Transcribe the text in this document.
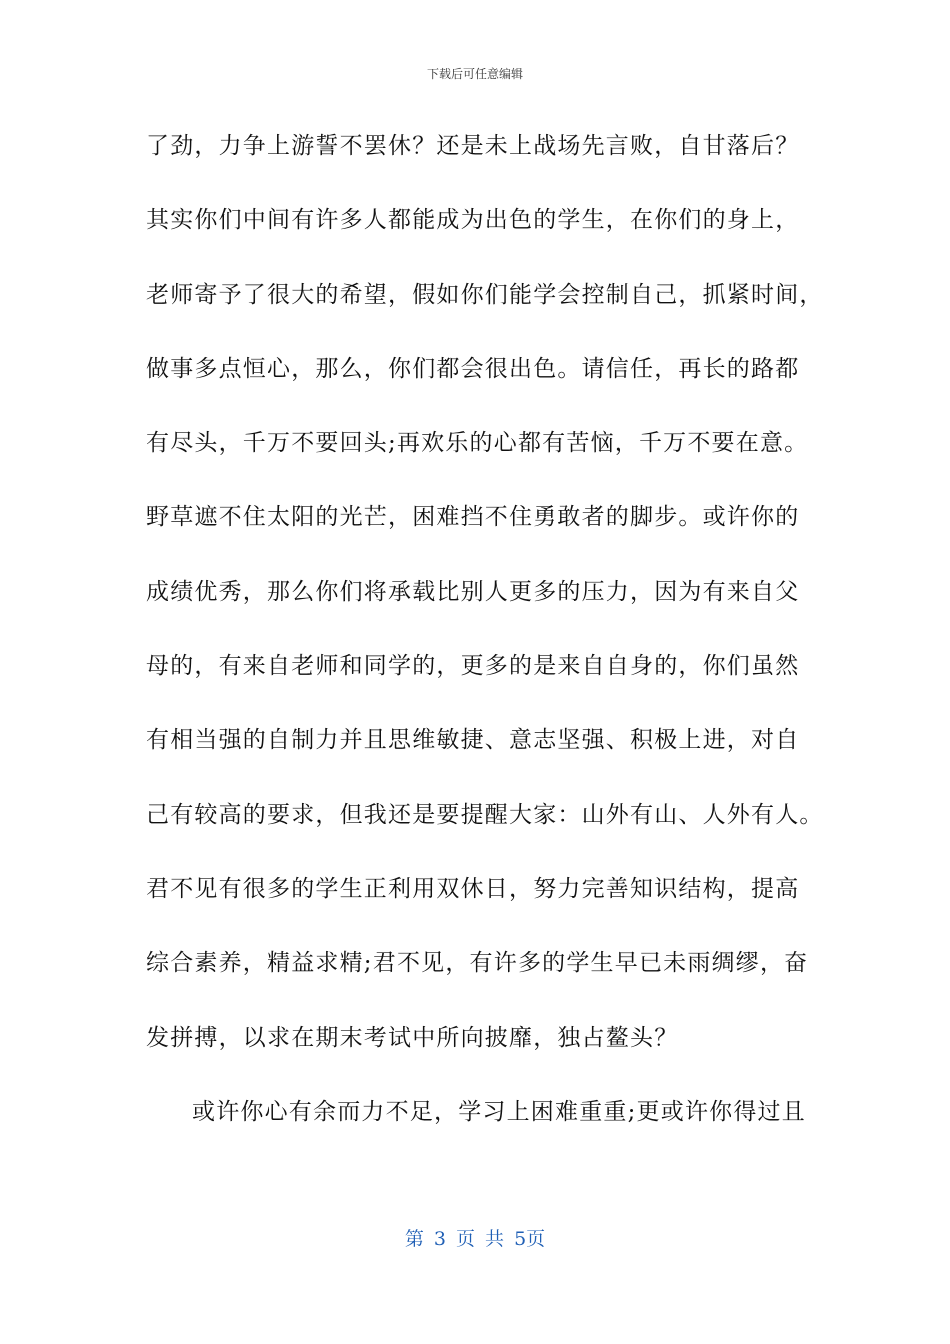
下载后可任意编辑
了劲，力争上游誓不罢休？还是未上战场先言败，自甘落后？
其实你们中间有许多人都能成为出色的学生，在你们的身上，
老师寄予了很大的希望，假如你们能学会控制自己，抓紧时间，
做事多点恒心，那么，你们都会很出色。请信任，再长的路都
有尽头，千万不要回头;再欢乐的心都有苦恼，千万不要在意。
野草遮不住太阳的光芒，困难挡不住勇敢者的脚步。或许你的
成绩优秀，那么你们将承载比别人更多的压力，因为有来自父
母的，有来自老师和同学的，更多的是来自自身的，你们虽然
有相当强的自制力并且思维敏捷、意志坚强、积极上进，对自
己有较高的要求，但我还是要提醒大家：山外有山、人外有人。
君不见有很多的学生正利用双休日，努力完善知识结构，提高
综合素养，精益求精;君不见，有许多的学生早已未雨绸缪，奋
发拼搏，以求在期末考试中所向披靡，独占鳌头？
或许你心有余而力不足，学习上困难重重;更或许你得过且
第 3 页 共 5页
